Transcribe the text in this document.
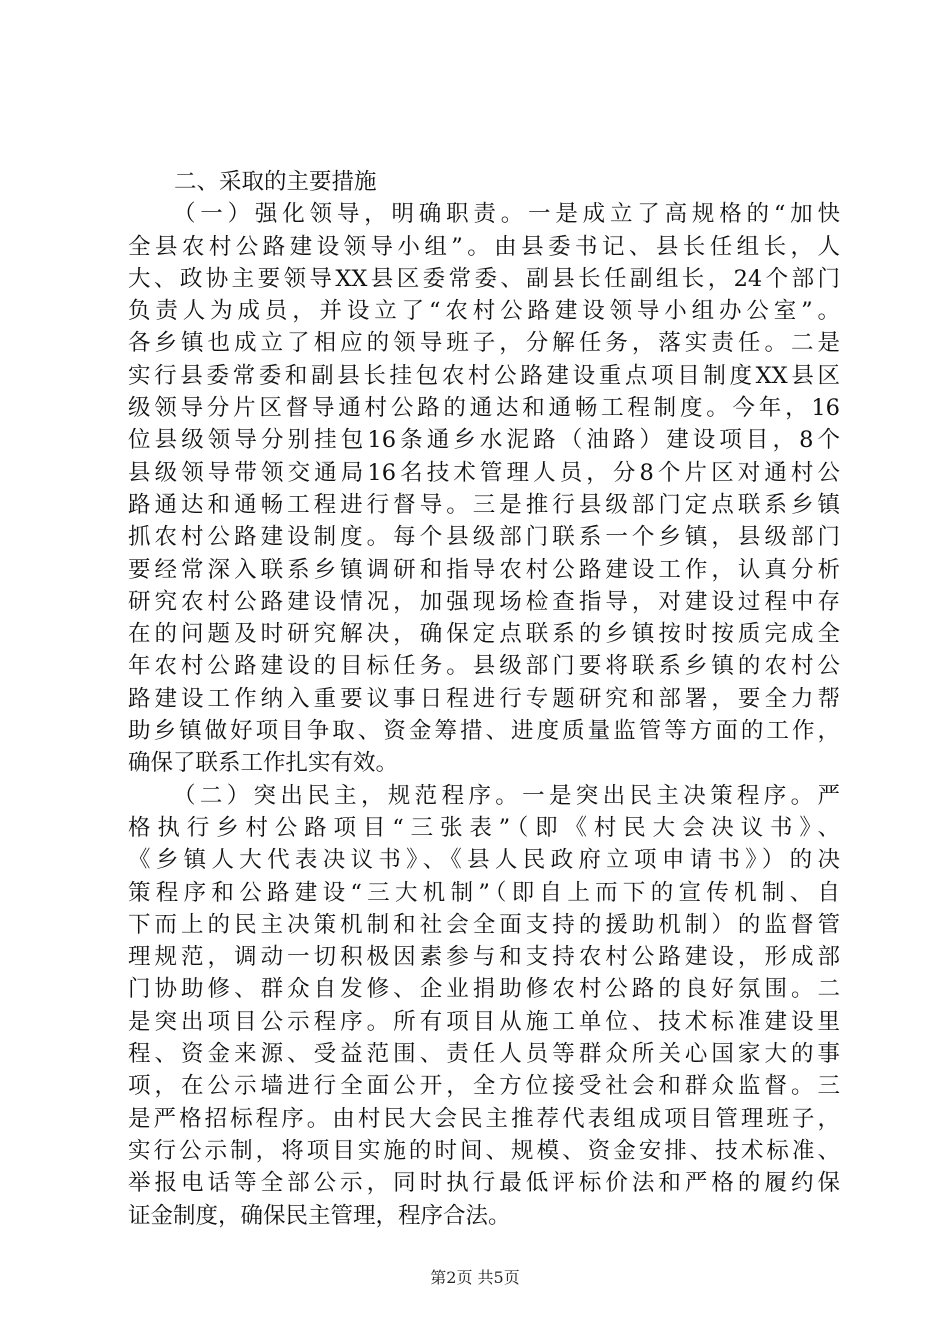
二、采取的主要措施
（一）强化领导，明确职责。一是成立了高规格的“加快
全县农村公路建设领导小组”。由县委书记、县长任组长，人
大、政协主要领导XX县区委常委、副县长任副组长，24个部门
负责人为成员，并设立了“农村公路建设领导小组办公室”。
各乡镇也成立了相应的领导班子，分解任务，落实责任。二是
实行县委常委和副县长挂包农村公路建设重点项目制度XX县区
级领导分片区督导通村公路的通达和通畅工程制度。今年，16
位县级领导分别挂包16条通乡水泥路（油路）建设项目，8个
县级领导带领交通局16名技术管理人员，分8个片区对通村公
路通达和通畅工程进行督导。三是推行县级部门定点联系乡镇
抓农村公路建设制度。每个县级部门联系一个乡镇，县级部门
要经常深入联系乡镇调研和指导农村公路建设工作，认真分析
研究农村公路建设情况，加强现场检查指导，对建设过程中存
在的问题及时研究解决，确保定点联系的乡镇按时按质完成全
年农村公路建设的目标任务。县级部门要将联系乡镇的农村公
路建设工作纳入重要议事日程进行专题研究和部署，要全力帮
助乡镇做好项目争取、资金筹措、进度质量监管等方面的工作，
确保了联系工作扎实有效。
（二）突出民主，规范程序。一是突出民主决策程序。严
格执行乡村公路项目“三张表”（即《村民大会决议书》、
《乡镇人大代表决议书》、《县人民政府立项申请书》）的决
策程序和公路建设“三大机制”（即自上而下的宣传机制、自
下而上的民主决策机制和社会全面支持的援助机制）的监督管
理规范，调动一切积极因素参与和支持农村公路建设，形成部
门协助修、群众自发修、企业捐助修农村公路的良好氛围。二
是突出项目公示程序。所有项目从施工单位、技术标准建设里
程、资金来源、受益范围、责任人员等群众所关心国家大的事
项，在公示墙进行全面公开，全方位接受社会和群众监督。三
是严格招标程序。由村民大会民主推荐代表组成项目管理班子，
实行公示制，将项目实施的时间、规模、资金安排、技术标准、
举报电话等全部公示，同时执行最低评标价法和严格的履约保
证金制度，确保民主管理，程序合法。
第2页 共5页
